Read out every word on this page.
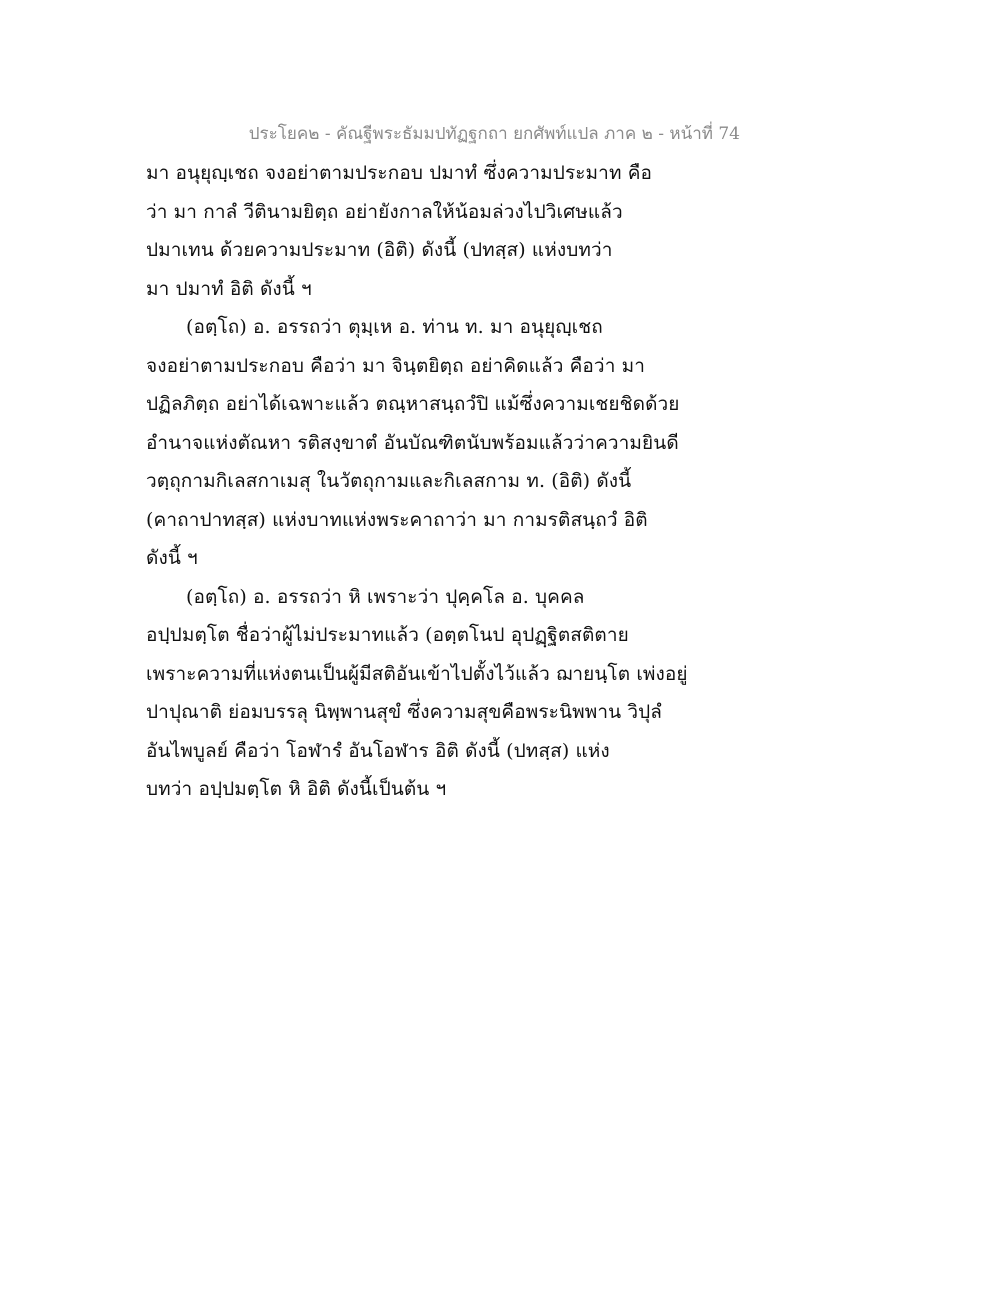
ประโยค๒ - คัณฐีพระธัมมปทัฏฐกถา ยกศัพท์แปล ภาค ๒ - หน้าที่ 74
มา อนุยุญฺเชถ จงอย่าตามประกอบ ปมาทํ ซึ่งความประมาท คือ
ว่า มา กาลํ วีตินามยิตฺถ อย่ายังกาลให้น้อมล่วงไปวิเศษแล้ว
ปมาเทน ด้วยความประมาท (อิติ) ดังนี้ (ปทสฺส) แห่งบทว่า
มา ปมาทํ อิติ ดังนี้ ฯ
(อตฺโถ) อ. อรรถว่า ตุมฺเห อ. ท่าน ท. มา อนุยุญฺเชถ
จงอย่าตามประกอบ คือว่า มา จินฺตยิตฺถ อย่าคิดแล้ว คือว่า มา
ปฏิลภิตฺถ อย่าได้เฉพาะแล้ว ตณฺหาสนฺถวํปิ แม้ซึ่งความเชยชิดด้วย
อำนาจแห่งตัณหา รติสงฺขาตํ อันบัณฑิตนับพร้อมแล้วว่าความยินดี
วตฺถุกามกิเลสกาเมสุ ในวัตถุกามและกิเลสกาม ท. (อิติ) ดังนี้
(คาถาปาทสฺส) แห่งบาทแห่งพระคาถาว่า มา กามรติสนฺถวํ อิติ
ดังนี้ ฯ
(อตฺโถ) อ. อรรถว่า หิ เพราะว่า ปุคฺคโล อ. บุคคล
อปฺปมตฺโต ชื่อว่าผู้ไม่ประมาทแล้ว (อตฺตโนป อุปฏฺฐิตสติตาย
เพราะความที่แห่งตนเป็นผู้มีสติอันเข้าไปตั้งไว้แล้ว ฌายนฺโต เพ่งอยู่
ปาปุณาติ ย่อมบรรลุ นิพฺพานสุขํ ซึ่งความสุขคือพระนิพพาน วิปุลํ
อันไพบูลย์ คือว่า โอฬารํ อันโอฬาร อิติ ดังนี้ (ปทสฺส) แห่ง
บทว่า อปฺปมตฺโต หิ อิติ ดังนี้เป็นต้น ฯ
